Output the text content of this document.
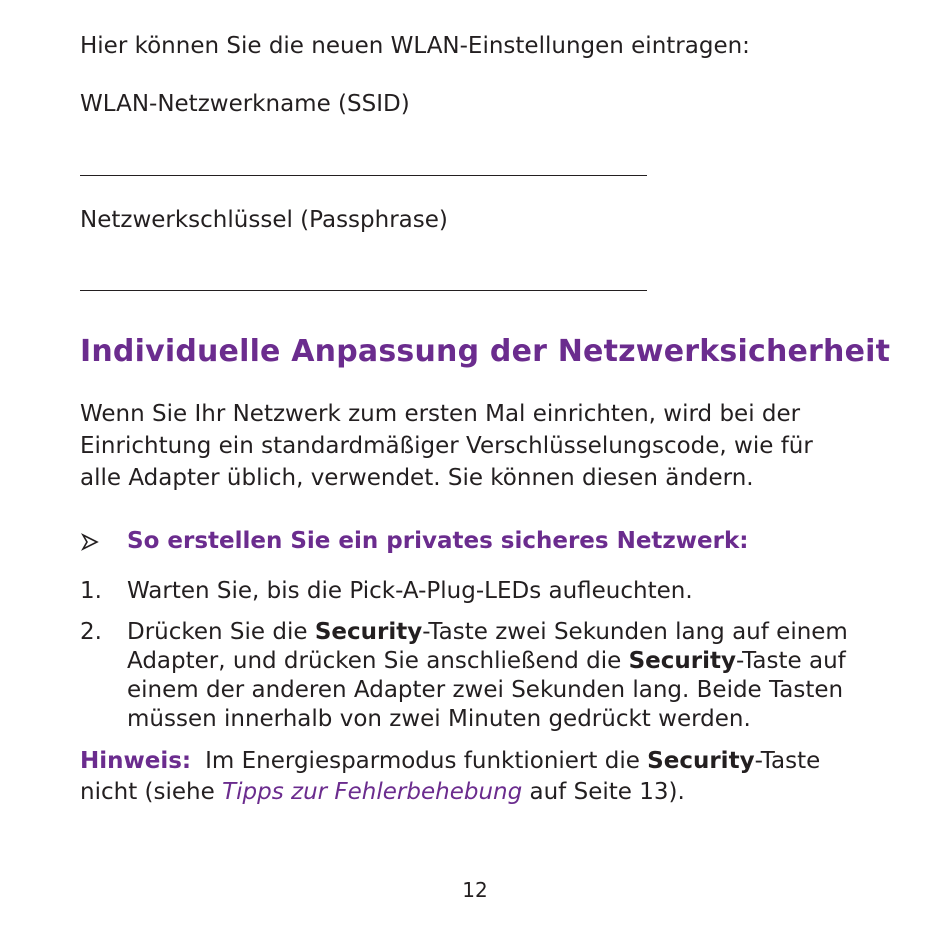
Hier können Sie die neuen WLAN-Einstellungen eintragen:
WLAN-Netzwerkname (SSID)
Netzwerkschlüssel (Passphrase)
Individuelle Anpassung der Netzwerksicherheit
Wenn Sie Ihr Netzwerk zum ersten Mal einrichten, wird bei der
Einrichtung ein standardmäßiger Verschlüsselungscode, wie für
alle Adapter üblich, verwendet. Sie können diesen ändern.
So erstellen Sie ein privates sicheres Netzwerk:
1.	Warten Sie, bis die Pick-A-Plug-LEDs aufleuchten.
2.	Drücken Sie die Security-Taste zwei Sekunden lang auf einem
Adapter, und drücken Sie anschließend die Security-Taste auf
einem der anderen Adapter zwei Sekunden lang. Beide Tasten
müssen innerhalb von zwei Minuten gedrückt werden.
Hinweis: Im Energiesparmodus funktioniert die Security-Taste
nicht (siehe Tipps zur Fehlerbehebung auf Seite 13).
12
